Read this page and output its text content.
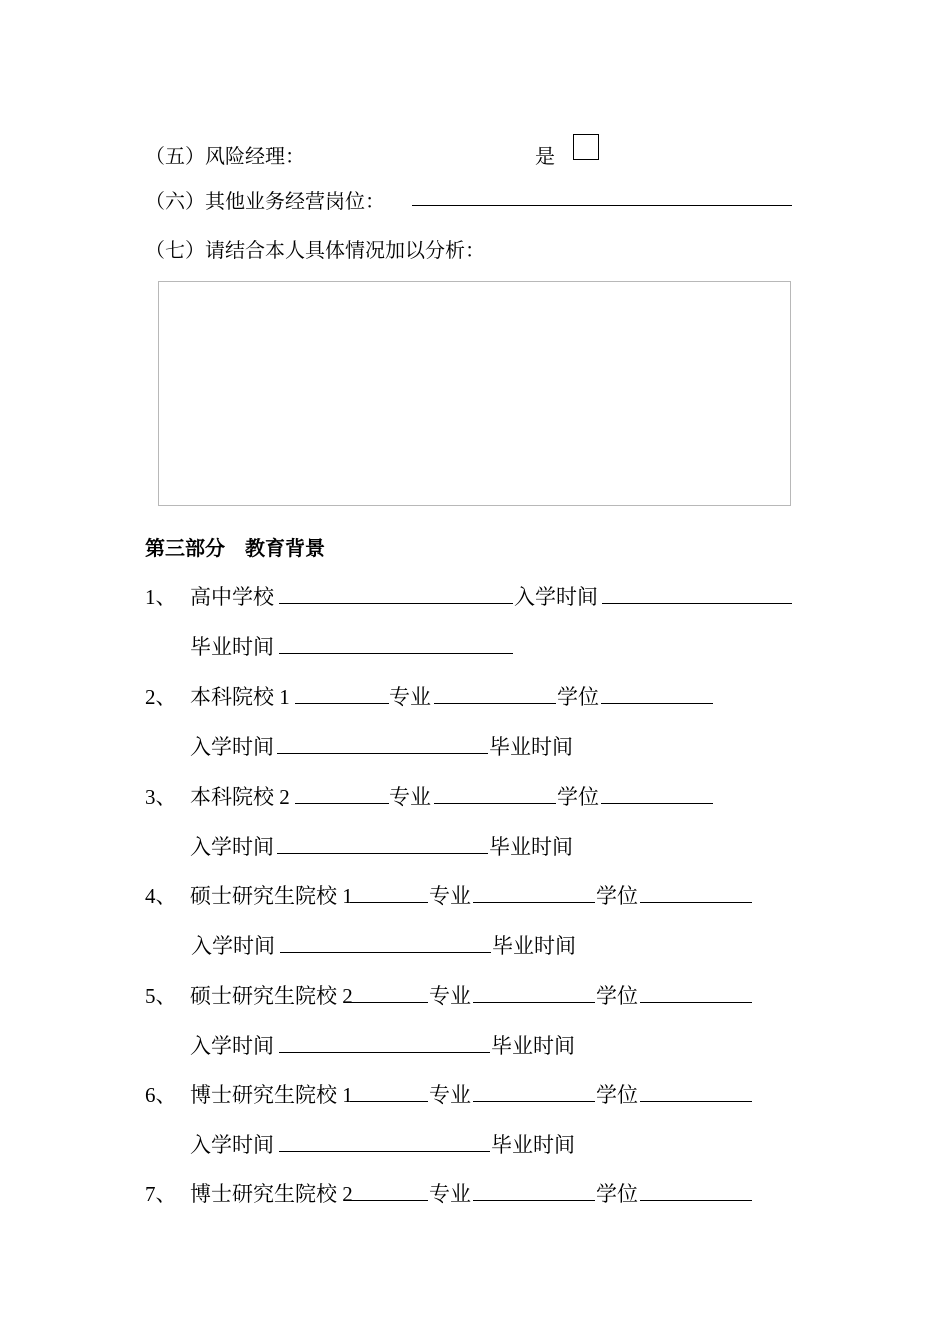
（五）风险经理：	是
（六）其他业务经营岗位：
（七）请结合本人具体情况加以分析：
第三部分　教育背景
1、 高中学校	入学时间
毕业时间
2、 本科院校 1	专业	学位
入学时间	毕业时间
3、 本科院校 2	专业	学位
入学时间	毕业时间
4、 硕士研究生院校 1	专业	学位
入学时间	毕业时间
5、 硕士研究生院校 2	专业	学位
入学时间	毕业时间
6、 博士研究生院校 1	专业	学位
入学时间	毕业时间
7、 博士研究生院校 2	专业	学位
